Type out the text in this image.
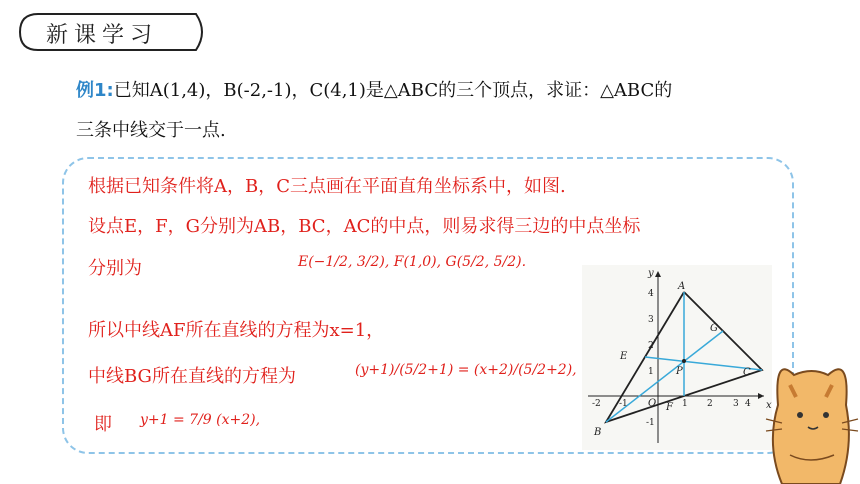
新课学习
例1:已知A(1,4)，B(-2,-1)，C(4,1)是△ABC的三个顶点，求证：△ABC的
三条中线交于一点.
根据已知条件将A，B，C三点画在平面直角坐标系中，如图.
设点E，F，G分别为AB，BC，AC的中点，则易求得三边的中点坐标
分别为	E(−1/2, 3/2), F(1,0), G(5/2, 5/2).
所以中线AF所在直线的方程为x=1，
中线BG所在直线的方程为	(y+1)/(5/2+1) = (x+2)/(5/2+2),
即 y+1 = 7/9 (x+2),
x
y
O
A
B
C
E
F
G
P
-2 -1	1 2 3 4
4
3
2
1
-1
